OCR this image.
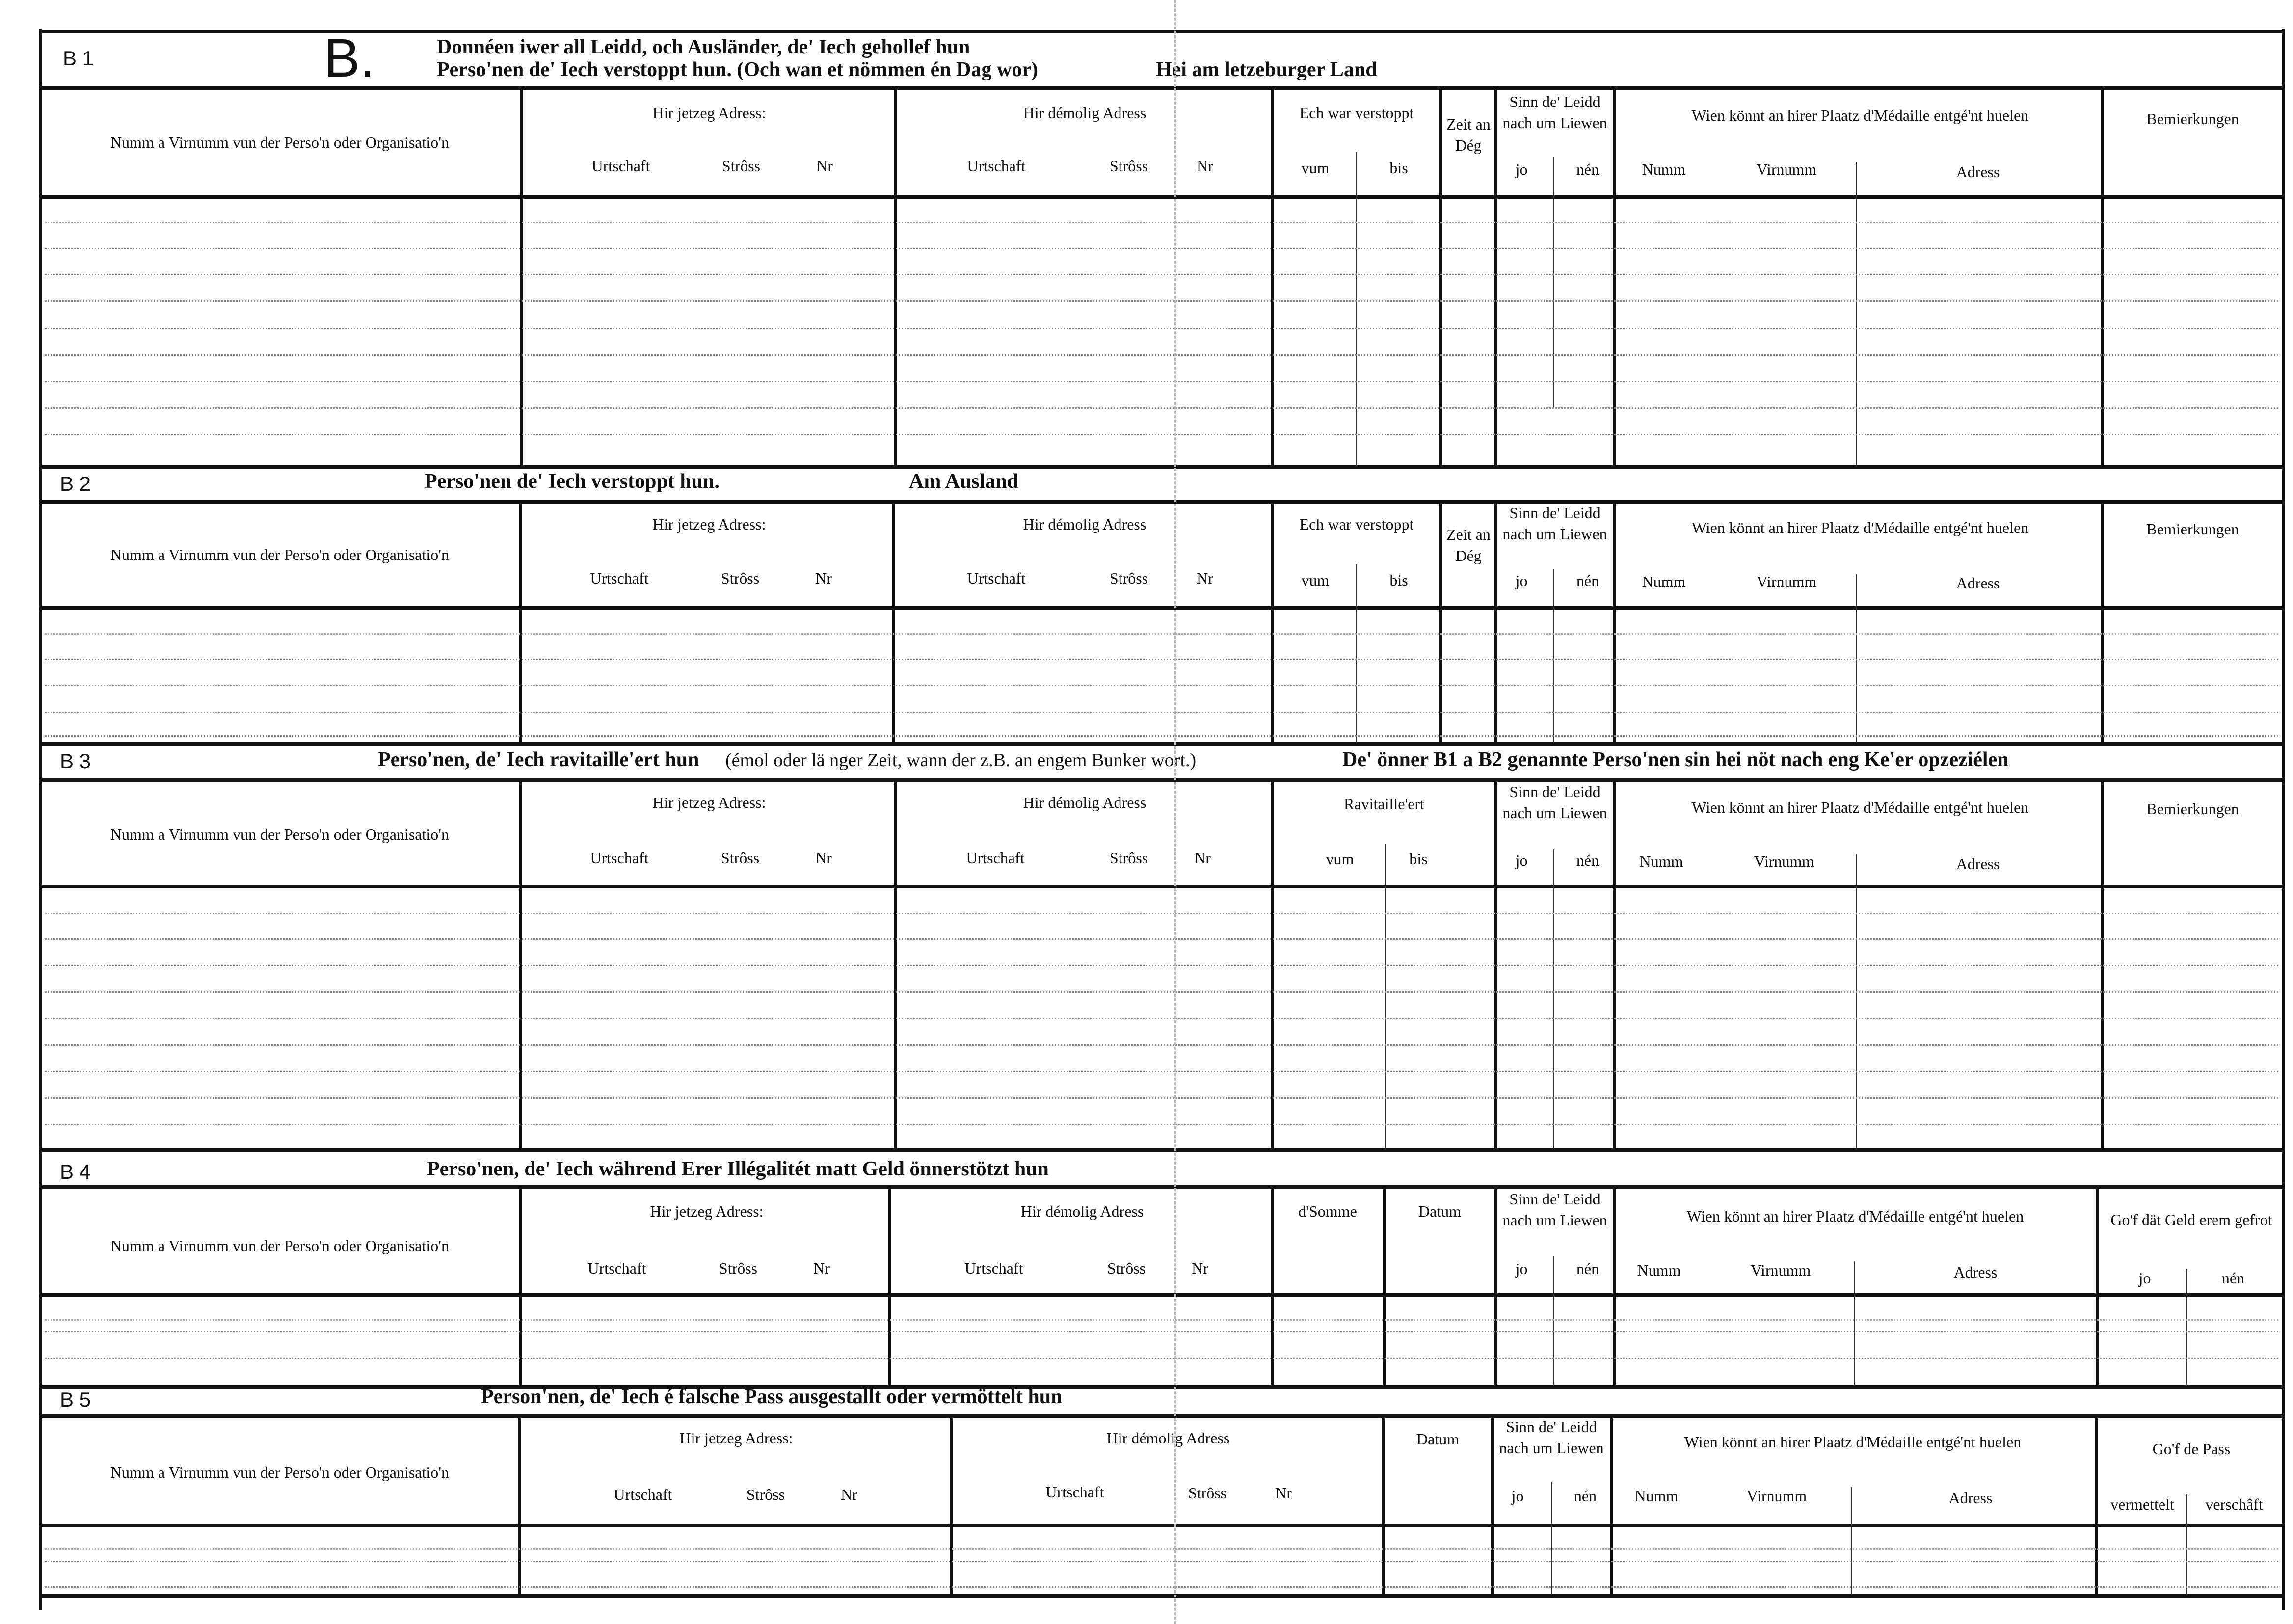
B 1	B.	Donnéen iwer all Leidd, och Ausländer, de' Iech gehollef hun
Perso'nen de' Iech verstoppt hun. (Och wan et nömmen én Dag wor)	Hei am letzeburger Land
Numm a Virnumm vun der Perso'n oder Organisatio'n
Hir jetzeg Adress:
Urtschaft	Strôss	Nr
Hir démolig Adress
Urtschaft	Strôss	Nr
Ech war verstoppt
vum	bis
Zeit an Dég
Sinn de' Leidd nach um Liewen
jo	nén
Wien könnt an hirer Plaatz d'Médaille entgé'nt huelen
Numm	Virnumm	Adress
Bemierkungen
B 2	Perso'nen de' Iech verstoppt hun.	Am Ausland
Numm a Virnumm vun der Perso'n oder Organisatio'n
Hir jetzeg Adress:
Urtschaft	Strôss	Nr
Hir démolig Adress
Urtschaft	Strôss	Nr
Ech war verstoppt
vum	bis
Zeit an Dég
Sinn de' Leidd nach um Liewen
jo	nén
Wien könnt an hirer Plaatz d'Médaille entgé'nt huelen
Numm	Virnumm	Adress
Bemierkungen
B 3	Perso'nen, de' Iech ravitaille'ert hun (émol oder lä nger Zeit, wann der z.B. an engem Bunker wort.)	De' önner B1 a B2 genannte Perso'nen sin hei nöt nach eng Ke'er opzeziélen
Numm a Virnumm vun der Perso'n oder Organisatio'n
Hir jetzeg Adress:
Urtschaft	Strôss	Nr
Hir démolig Adress
Urtschaft	Strôss	Nr
Ravitaille'ert
vum	bis
Sinn de' Leidd nach um Liewen
jo	nén
Wien könnt an hirer Plaatz d'Médaille entgé'nt huelen
Numm	Virnumm	Adress
Bemierkungen
B 4	Perso'nen, de' Iech während Erer Illégalitét matt Geld önnerstötzt hun
Numm a Virnumm vun der Perso'n oder Organisatio'n
Hir jetzeg Adress:
Urtschaft	Strôss	Nr
Hir démolig Adress
Urtschaft	Strôss	Nr
d'Somme	Datum
Sinn de' Leidd nach um Liewen
jo	nén
Wien könnt an hirer Plaatz d'Médaille entgé'nt huelen
Numm	Virnumm	Adress
Go'f dät Geld erem gefrot
jo	nén
B 5	Person'nen, de' Iech é falsche Pass ausgestallt oder vermöttelt hun
Numm a Virnumm vun der Perso'n oder Organisatio'n
Hir jetzeg Adress:
Urtschaft	Strôss	Nr
Hir démolig Adress
Urtschaft	Strôss	Nr
Datum
Sinn de' Leidd nach um Liewen
jo	nén
Wien könnt an hirer Plaatz d'Médaille entgé'nt huelen
Numm	Virnumm	Adress
Go'f de Pass
vermettelt	verschâft
